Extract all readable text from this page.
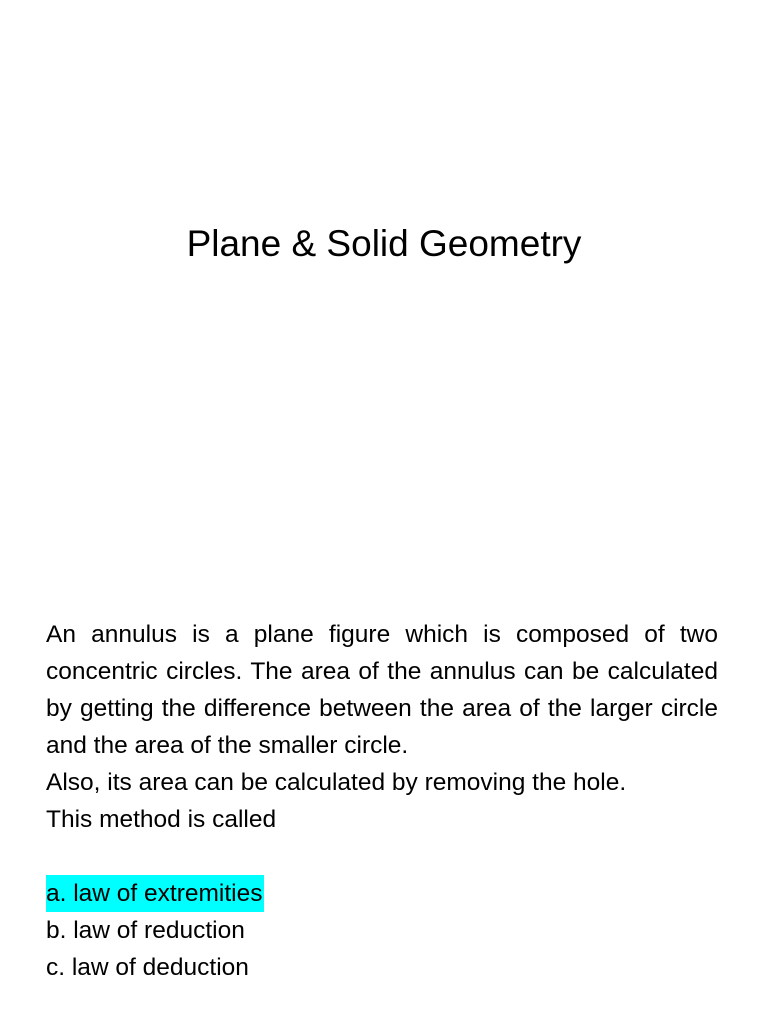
Plane & Solid Geometry

An annulus is a plane figure which is composed of two concentric circles. The area of the annulus can be calculated by getting the difference between the area of the larger circle and the area of the smaller circle.

Also, its area can be calculated by removing the hole.

This method is called

a. law of extremities
b. law of reduction
c. law of deduction
